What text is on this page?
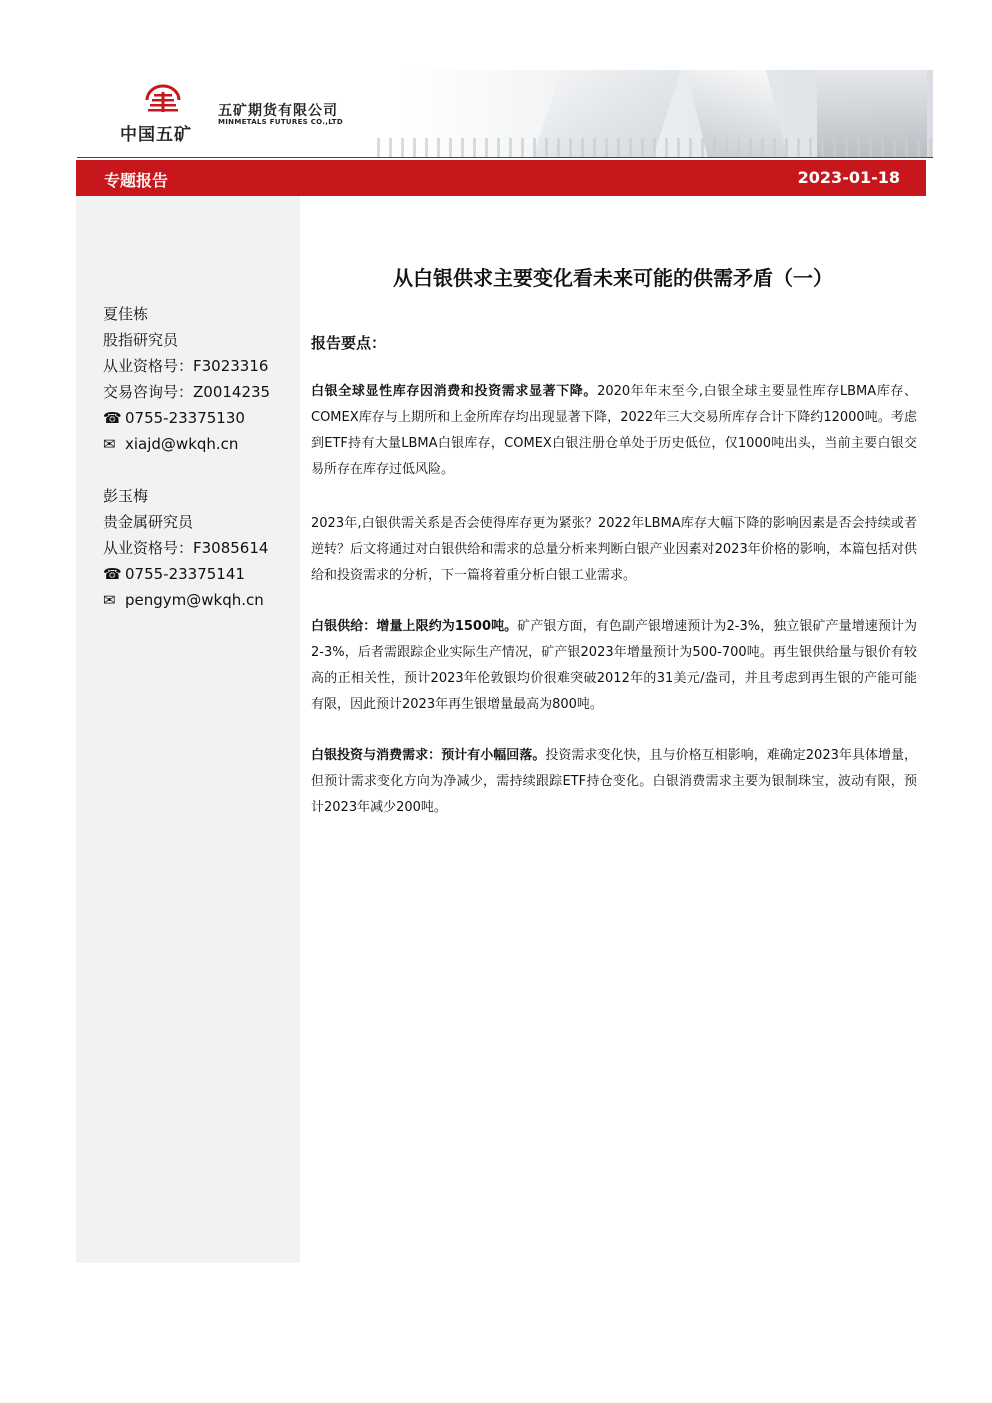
中国五矿
五矿期货有限公司
MINMETALS FUTURES CO.,LTD
专题报告	2023-01-18
夏佳栋
股指研究员
从业资格号：F3023316
交易咨询号：Z0014235
☎ 0755-23375130
✉ xiajd@wkqh.cn
彭玉梅
贵金属研究员
从业资格号：F3085614
☎ 0755-23375141
✉ pengym@wkqh.cn
从白银供求主要变化看未来可能的供需矛盾（一）
报告要点：
白银全球显性库存因消费和投资需求显著下降。2020年年末至今,白银全球主要显性库存LBMA库存、COMEX库存与上期所和上金所库存均出现显著下降，2022年三大交易所库存合计下降约12000吨。考虑到ETF持有大量LBMA白银库存，COMEX白银注册仓单处于历史低位，仅1000吨出头，当前主要白银交易所存在库存过低风险。
2023年,白银供需关系是否会使得库存更为紧张？2022年LBMA库存大幅下降的影响因素是否会持续或者逆转？后文将通过对白银供给和需求的总量分析来判断白银产业因素对2023年价格的影响，本篇包括对供给和投资需求的分析，下一篇将着重分析白银工业需求。
白银供给：增量上限约为1500吨。矿产银方面，有色副产银增速预计为2-3%，独立银矿产量增速预计为2-3%，后者需跟踪企业实际生产情况，矿产银2023年增量预计为500-700吨。再生银供给量与银价有较高的正相关性，预计2023年伦敦银均价很难突破2012年的31美元/盎司，并且考虑到再生银的产能可能有限，因此预计2023年再生银增量最高为800吨。
白银投资与消费需求：预计有小幅回落。投资需求变化快，且与价格互相影响，难确定2023年具体增量，但预计需求变化方向为净减少，需持续跟踪ETF持仓变化。白银消费需求主要为银制珠宝，波动有限，预计2023年减少200吨。
